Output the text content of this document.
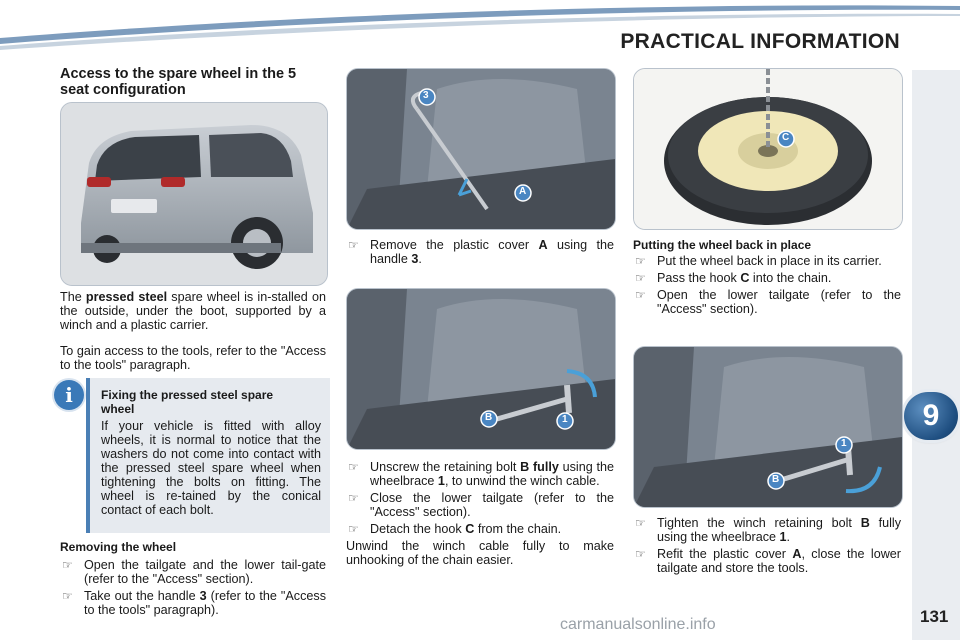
PRACTICAL INFORMATION
9
131
Access to the spare wheel in the 5 seat configuration
The pressed steel spare wheel is in-stalled on the outside, under the boot, supported by a winch and a plastic carrier.
To gain access to the tools, refer to the "Access to the tools" paragraph.
i	Fixing the pressed steel spare wheel
If your vehicle is fitted with alloy wheels, it is normal to notice that the washers do not come into contact with the pressed steel spare wheel when tightening the bolts on fitting. The wheel is re-tained by the conical contact of each bolt.
Removing the wheel
☞ Open the tailgate and the lower tail-gate (refer to the "Access" section).
☞ Take out the handle 3 (refer to the "Access to the tools" paragraph).
3
A
☞ Remove the plastic cover A using the handle 3.
B	1
☞ Unscrew the retaining bolt B fully using the wheelbrace 1, to unwind the winch cable.
☞ Close the lower tailgate (refer to the "Access" section).
☞ Detach the hook C from the chain.
Unwind the winch cable fully to make unhooking of the chain easier.
C
Putting the wheel back in place
☞ Put the wheel back in place in its carrier.
☞ Pass the hook C into the chain.
☞ Open the lower tailgate (refer to the "Access" section).
1
B
☞ Tighten the winch retaining bolt B fully using the wheelbrace 1.
☞ Refit the plastic cover A, close the lower tailgate and store the tools.
carmanualsonline.info
